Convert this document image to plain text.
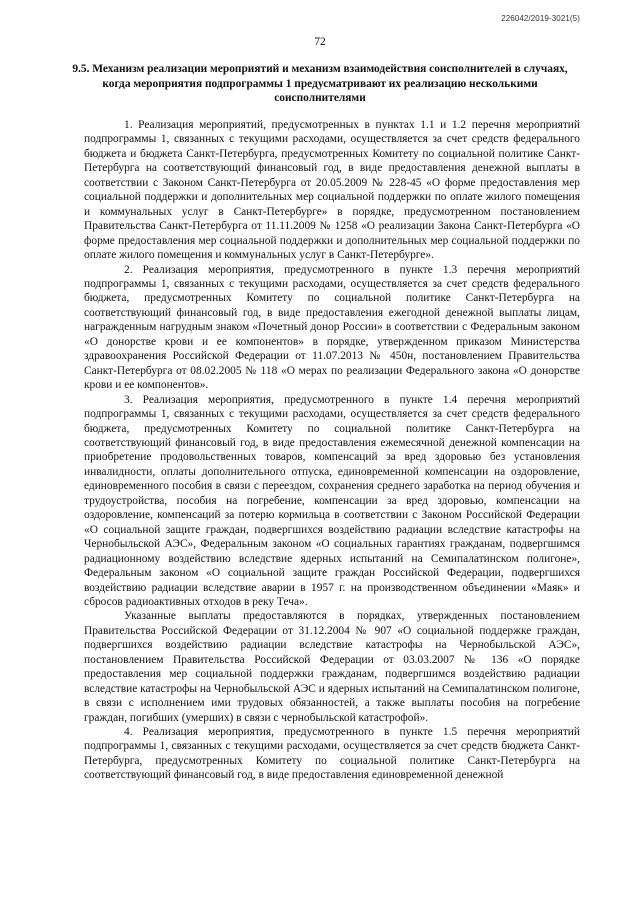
226042/2019-3021(5)
72
9.5. Механизм реализации мероприятий и механизм взаимодействия соисполнителей в случаях, когда мероприятия подпрограммы 1 предусматривают их реализацию несколькими соисполнителями

1. Реализация мероприятий, предусмотренных в пунктах 1.1 и 1.2 перечня мероприятий подпрограммы 1, связанных с текущими расходами, осуществляется за счет средств федерального бюджета и бюджета Санкт-Петербурга, предусмотренных Комитету по социальной политике Санкт-Петербурга на соответствующий финансовый год, в виде предоставления денежной выплаты в соответствии с Законом Санкт-Петербурга от 20.05.2009 № 228-45 «О форме предоставления мер социальной поддержки и дополнительных мер социальной поддержки по оплате жилого помещения и коммунальных услуг в Санкт-Петербурге» в порядке, предусмотренном постановлением Правительства Санкт-Петербурга от 11.11.2009 № 1258 «О реализации Закона Санкт-Петербурга «О форме предоставления мер социальной поддержки и дополнительных мер социальной поддержки по оплате жилого помещения и коммунальных услуг в Санкт-Петербурге».

2. Реализация мероприятия, предусмотренного в пункте 1.3 перечня мероприятий подпрограммы 1, связанных с текущими расходами, осуществляется за счет средств федерального бюджета, предусмотренных Комитету по социальной политике Санкт-Петербурга на соответствующий финансовый год, в виде предоставления ежегодной денежной выплаты лицам, награжденным нагрудным знаком «Почетный донор России» в соответствии с Федеральным законом «О донорстве крови и ее компонентов» в порядке, утвержденном приказом Министерства здравоохранения Российской Федерации от 11.07.2013 № 450н, постановлением Правительства Санкт-Петербурга от 08.02.2005 № 118 «О мерах по реализации Федерального закона «О донорстве крови и ее компонентов».

3. Реализация мероприятия, предусмотренного в пункте 1.4 перечня мероприятий подпрограммы 1, связанных с текущими расходами, осуществляется за счет средств федерального бюджета, предусмотренных Комитету по социальной политике Санкт-Петербурга на соответствующий финансовый год, в виде предоставления ежемесячной денежной компенсации на приобретение продовольственных товаров, компенсаций за вред здоровью без установления инвалидности, оплаты дополнительного отпуска, единовременной компенсации на оздоровление, единовременного пособия в связи с переездом, сохранения среднего заработка на период обучения и трудоустройства, пособия на погребение, компенсации за вред здоровью, компенсации на оздоровление, компенсаций за потерю кормильца в соответствии с Законом Российской Федерации «О социальной защите граждан, подвергшихся воздействию радиации вследствие катастрофы на Чернобыльской АЭС», Федеральным законом «О социальных гарантиях гражданам, подвергшимся радиационному воздействию вследствие ядерных испытаний на Семипалатинском полигоне», Федеральным законом «О социальной защите граждан Российской Федерации, подвергшихся воздействию радиации вследствие аварии в 1957 г. на производственном объединении «Маяк» и сбросов радиоактивных отходов в реку Теча».

Указанные выплаты предоставляются в порядках, утвержденных постановлением Правительства Российской Федерации от 31.12.2004 № 907 «О социальной поддержке граждан, подвергшихся воздействию радиации вследствие катастрофы на Чернобыльской АЭС», постановлением Правительства Российской Федерации от 03.03.2007 № 136 «О порядке предоставления мер социальной поддержки гражданам, подвергшимся воздействию радиации вследствие катастрофы на Чернобыльской АЭС и ядерных испытаний на Семипалатинском полигоне, в связи с исполнением ими трудовых обязанностей, а также выплаты пособия на погребение граждан, погибших (умерших) в связи с чернобыльской катастрофой».

4. Реализация мероприятия, предусмотренного в пункте 1.5 перечня мероприятий подпрограммы 1, связанных с текущими расходами, осуществляется за счет средств бюджета Санкт-Петербурга, предусмотренных Комитету по социальной политике Санкт-Петербурга на соответствующий финансовый год, в виде предоставления единовременной денежной
